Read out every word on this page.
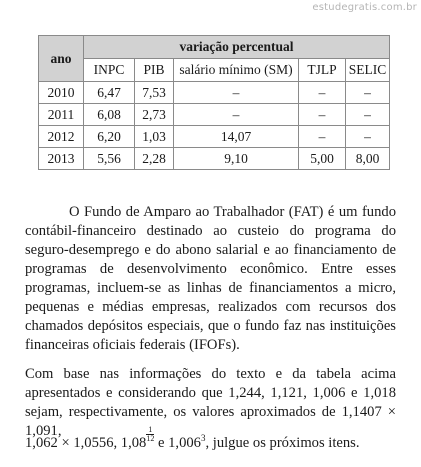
estudegratis.com.br
ano	variação percentual				
	INPC	PIB	salário mínimo (SM)	TJLP	SELIC
2010	6,47	7,53	–	–	–
2011	6,08	2,73	–	–	–
2012	6,20	1,03	14,07	–	–
2013	5,56	2,28	9,10	5,00	8,00

O Fundo de Amparo ao Trabalhador (FAT) é um fundo contábil-financeiro destinado ao custeio do programa do seguro-desemprego e do abono salarial e ao financiamento de programas de desenvolvimento econômico. Entre esses programas, incluem-se as linhas de financiamentos a micro, pequenas e médias empresas, realizados com recursos dos chamados depósitos especiais, que o fundo faz nas instituições financeiras oficiais federais (IFOFs).

Com base nas informações do texto e da tabela acima apresentados e considerando que 1,244, 1,121, 1,006 e 1,018 sejam, respectivamente, os valores aproximados de 1,1407 × 1,091,

1,062 × 1,0556, $1,08 \frac{1}{12}$ e 1,006$^3$, julgue os próximos itens.
